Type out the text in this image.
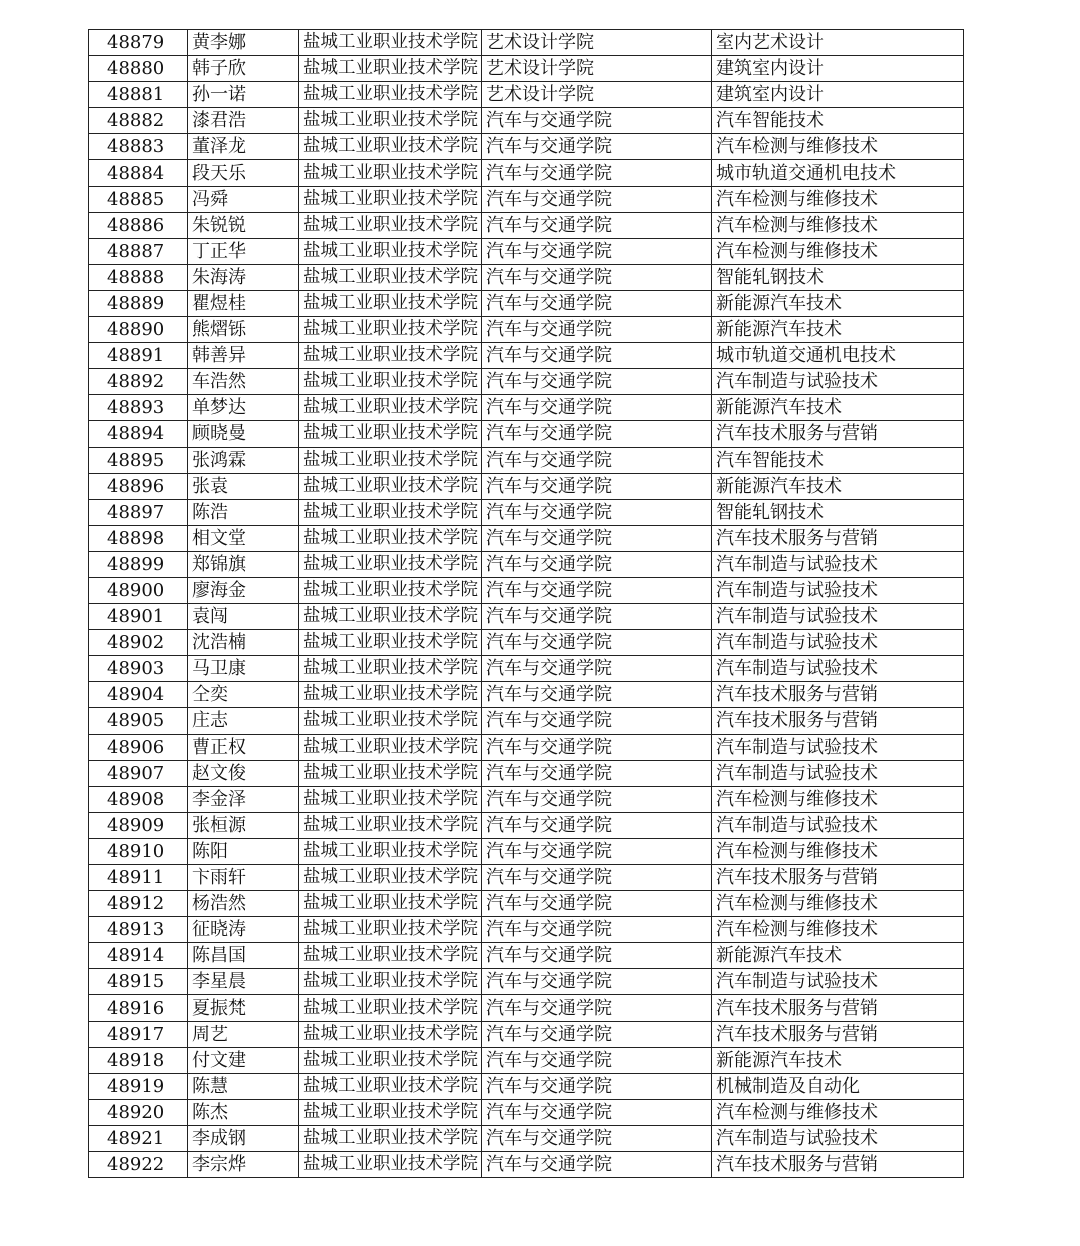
48879	黄李娜	盐城工业职业技术学院	艺术设计学院	室内艺术设计
48880	韩子欣	盐城工业职业技术学院	艺术设计学院	建筑室内设计
48881	孙一诺	盐城工业职业技术学院	艺术设计学院	建筑室内设计
48882	漆君浩	盐城工业职业技术学院	汽车与交通学院	汽车智能技术
48883	董泽龙	盐城工业职业技术学院	汽车与交通学院	汽车检测与维修技术
48884	段天乐	盐城工业职业技术学院	汽车与交通学院	城市轨道交通机电技术
48885	冯舜	盐城工业职业技术学院	汽车与交通学院	汽车检测与维修技术
48886	朱锐锐	盐城工业职业技术学院	汽车与交通学院	汽车检测与维修技术
48887	丁正华	盐城工业职业技术学院	汽车与交通学院	汽车检测与维修技术
48888	朱海涛	盐城工业职业技术学院	汽车与交通学院	智能轧钢技术
48889	瞿煜桂	盐城工业职业技术学院	汽车与交通学院	新能源汽车技术
48890	熊熠铄	盐城工业职业技术学院	汽车与交通学院	新能源汽车技术
48891	韩善异	盐城工业职业技术学院	汽车与交通学院	城市轨道交通机电技术
48892	车浩然	盐城工业职业技术学院	汽车与交通学院	汽车制造与试验技术
48893	单梦达	盐城工业职业技术学院	汽车与交通学院	新能源汽车技术
48894	顾晓曼	盐城工业职业技术学院	汽车与交通学院	汽车技术服务与营销
48895	张鸿霖	盐城工业职业技术学院	汽车与交通学院	汽车智能技术
48896	张袁	盐城工业职业技术学院	汽车与交通学院	新能源汽车技术
48897	陈浩	盐城工业职业技术学院	汽车与交通学院	智能轧钢技术
48898	相文堂	盐城工业职业技术学院	汽车与交通学院	汽车技术服务与营销
48899	郑锦旗	盐城工业职业技术学院	汽车与交通学院	汽车制造与试验技术
48900	廖海金	盐城工业职业技术学院	汽车与交通学院	汽车制造与试验技术
48901	袁闯	盐城工业职业技术学院	汽车与交通学院	汽车制造与试验技术
48902	沈浩楠	盐城工业职业技术学院	汽车与交通学院	汽车制造与试验技术
48903	马卫康	盐城工业职业技术学院	汽车与交通学院	汽车制造与试验技术
48904	仝奕	盐城工业职业技术学院	汽车与交通学院	汽车技术服务与营销
48905	庄志	盐城工业职业技术学院	汽车与交通学院	汽车技术服务与营销
48906	曹正权	盐城工业职业技术学院	汽车与交通学院	汽车制造与试验技术
48907	赵文俊	盐城工业职业技术学院	汽车与交通学院	汽车制造与试验技术
48908	李金泽	盐城工业职业技术学院	汽车与交通学院	汽车检测与维修技术
48909	张桓源	盐城工业职业技术学院	汽车与交通学院	汽车制造与试验技术
48910	陈阳	盐城工业职业技术学院	汽车与交通学院	汽车检测与维修技术
48911	卞雨轩	盐城工业职业技术学院	汽车与交通学院	汽车技术服务与营销
48912	杨浩然	盐城工业职业技术学院	汽车与交通学院	汽车检测与维修技术
48913	征晓涛	盐城工业职业技术学院	汽车与交通学院	汽车检测与维修技术
48914	陈昌国	盐城工业职业技术学院	汽车与交通学院	新能源汽车技术
48915	李星晨	盐城工业职业技术学院	汽车与交通学院	汽车制造与试验技术
48916	夏振梵	盐城工业职业技术学院	汽车与交通学院	汽车技术服务与营销
48917	周艺	盐城工业职业技术学院	汽车与交通学院	汽车技术服务与营销
48918	付文建	盐城工业职业技术学院	汽车与交通学院	新能源汽车技术
48919	陈慧	盐城工业职业技术学院	汽车与交通学院	机械制造及自动化
48920	陈杰	盐城工业职业技术学院	汽车与交通学院	汽车检测与维修技术
48921	李成钢	盐城工业职业技术学院	汽车与交通学院	汽车制造与试验技术
48922	李宗烨	盐城工业职业技术学院	汽车与交通学院	汽车技术服务与营销
